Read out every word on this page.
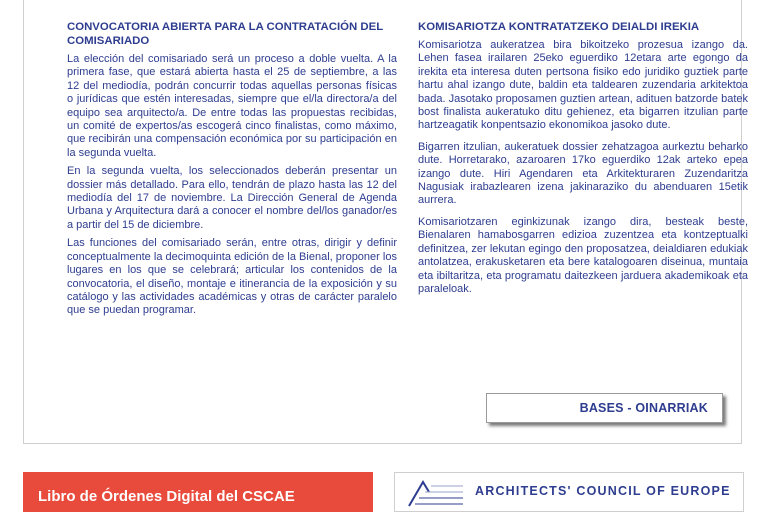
CONVOCATORIA ABIERTA PARA LA CONTRATACIÓN DEL COMISARIADO

La elección del comisariado será un proceso a doble vuelta. A la primera fase, que estará abierta hasta el 25 de septiembre, a las 12 del mediodía, podrán concurrir todas aquellas personas físicas o jurídicas que estén interesadas, siempre que el/la directora/a del equipo sea arquitecto/a. De entre todas las propuestas recibidas, un comité de expertos/as escogerá cinco finalistas, como máximo, que recibirán una compensación económica por su participación en la segunda vuelta.

En la segunda vuelta, los seleccionados deberán presentar un dossier más detallado. Para ello, tendrán de plazo hasta las 12 del mediodía del 17 de noviembre. La Dirección General de Agenda Urbana y Arquitectura dará a conocer el nombre del/los ganador/es a partir del 15 de diciembre.

Las funciones del comisariado serán, entre otras, dirigir y definir conceptualmente la decimoquinta edición de la Bienal, proponer los lugares en los que se celebrará; articular los contenidos de la convocatoria, el diseño, montaje e itinerancia de la exposición y su catálogo y las actividades académicas y otras de carácter paralelo que se puedan programar.

KOMISARIOTZA KONTRATATZEKO DEIALDI IREKIA

Komisariotza aukeratzea bira bikoitzeko prozesua izango da. Lehen fasea irailaren 25eko eguerdiko 12etara arte egongo da irekita eta interesa duten pertsona fisiko edo juridiko guztiek parte hartu ahal izango dute, baldin eta taldearen zuzendaria arkitektoa bada. Jasotako proposamen guztien artean, adituen batzorde batek bost finalista aukeratuko ditu gehienez, eta bigarren itzulian parte hartzeagatik konpentsazio ekonomikoa jasoko dute.

Bigarren itzulian, aukeratuek dossier zehatzagoa aurkeztu beharko dute. Horretarako, azaroaren 17ko eguerdiko 12ak arteko epea izango dute. Hiri Agendaren eta Arkitekturaren Zuzendaritza Nagusiak irabazlearen izena jakinaraziko du abenduaren 15etik aurrera.

Komisariotzaren eginkizunak izango dira, besteak beste, Bienalaren hamabosgarren edizioa zuzentzea eta kontzeptualki definitzea, zer lekutan egingo den proposatzea, deialdiaren edukiak antolatzea, erakusketaren eta bere katalogoaren diseinua, muntaia eta ibiltaritza, eta programatu daitezkeen jarduera akademikoak eta paraleloak.

BASES - OINARRIAK
Libro de Órdenes Digital del CSCAE	ARCHITECTS' COUNCIL OF EUROPE
